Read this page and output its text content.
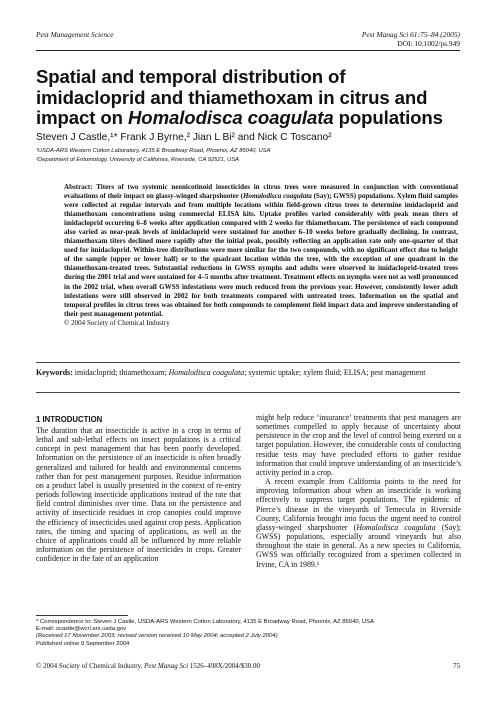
Pest Management Science	Pest Manag Sci 61:75–84 (2005)
DOI: 10.1002/ps.949
Spatial and temporal distribution of
imidacloprid and thiamethoxam in citrus and
impact on Homalodisca coagulata populations
Steven J Castle,¹* Frank J Byrne,² Jian L Bi² and Nick C Toscano²
¹USDA-ARS Western Cotton Laboratory, 4135 E Broadway Road, Phoenix, AZ 85040, USA
²Department of Entomology, University of California, Riverside, CA 92521, USA
Abstract: Titers of two systemic neonicotinoid insecticides in citrus trees were measured in conjunction with conventional evaluations of their impact on glassy-winged sharpshooter (Homalodisca coagulata (Say); GWSS) populations. Xylem fluid samples were collected at regular intervals and from multiple locations within field-grown citrus trees to determine imidacloprid and thiamethoxam concentrations using commercial ELISA kits. Uptake profiles varied considerably with peak mean titers of imidacloprid occurring 6–8 weeks after application compared with 2 weeks for thiamethoxam. The persistence of each compound also varied as near-peak levels of imidacloprid were sustained for another 6–10 weeks before gradually declining. In contrast, thiamethoxam titers declined more rapidly after the initial peak, possibly reflecting an application rate only one-quarter of that used for imidacloprid. Within-tree distributions were more similar for the two compounds, with no significant effect due to height of the sample (upper or lower half) or to the quadrant location within the tree, with the exception of one quadrant in the thiamethoxam-treated trees. Substantial reductions in GWSS nymphs and adults were observed in imidacloprid-treated trees during the 2001 trial and were sustained for 4–5 months after treatment. Treatment effects on nymphs were not as well pronounced in the 2002 trial, when overall GWSS infestations were much reduced from the previous year. However, consistently lower adult infestations were still observed in 2002 for both treatments compared with untreated trees. Information on the spatial and temporal profiles in citrus trees was obtained for both compounds to complement field impact data and improve understanding of their pest management potential.
© 2004 Society of Chemical Industry
Keywords: imidacloprid; thiamethoxam; Homalodisca coagulata; systemic uptake; xylem fluid; ELISA; pest management
1 INTRODUCTION

The duration that an insecticide is active in a crop in terms of lethal and sub-lethal effects on insect populations is a critical concept in pest management that has been poorly developed. Information on the persistence of an insecticide is often broadly generalized and tailored for health and environmental concerns rather than for pest management purposes. Residue information on a product label is usually presented in the context of re-entry periods following insecticide applications instead of the rate that field control diminishes over time. Data on the persistence and activity of insecticide residues in crop canopies could improve the efficiency of insecticides used against crop pests. Application rates, the timing and spacing of applications, as well as the choice of applications could all be influenced by more reliable information on the persistence of insecticides in crops. Greater confidence in the fate of an application

might help reduce ‘insurance’ treatments that pest managers are sometimes compelled to apply because of uncertainty about persistence in the crop and the level of control being exerted on a target population. However, the considerable costs of conducting residue tests may have precluded efforts to gather residue information that could improve understanding of an insecticide’s activity period in a crop.

A recent example from California points to the need for improving information about when an insecticide is working effectively to suppress target populations. The epidemic of Pierce’s disease in the vineyards of Temecula in Riverside County, California brought into focus the urgent need to control glassy-winged sharpshooter (Homalodisca coagulata (Say); GWSS) populations, especially around vineyards but also throughout the state in general. As a new species to California, GWSS was officially recognized from a specimen collected in Irvine, CA in 1989.¹

* Correspondence to: Steven J Castle, USDA-ARS Western Cotton Laboratory, 4135 E Broadway Road, Phoenix, AZ 85040, USA
E-mail: scastle@wcrl.ars.usda.gov
(Received 17 November 2003; revised version received 10 May 2004; accepted 2 July 2004)
Published online 9 September 2004
© 2004 Society of Chemical Industry. Pest Manag Sci 1526–498X/2004/$30.00	75
